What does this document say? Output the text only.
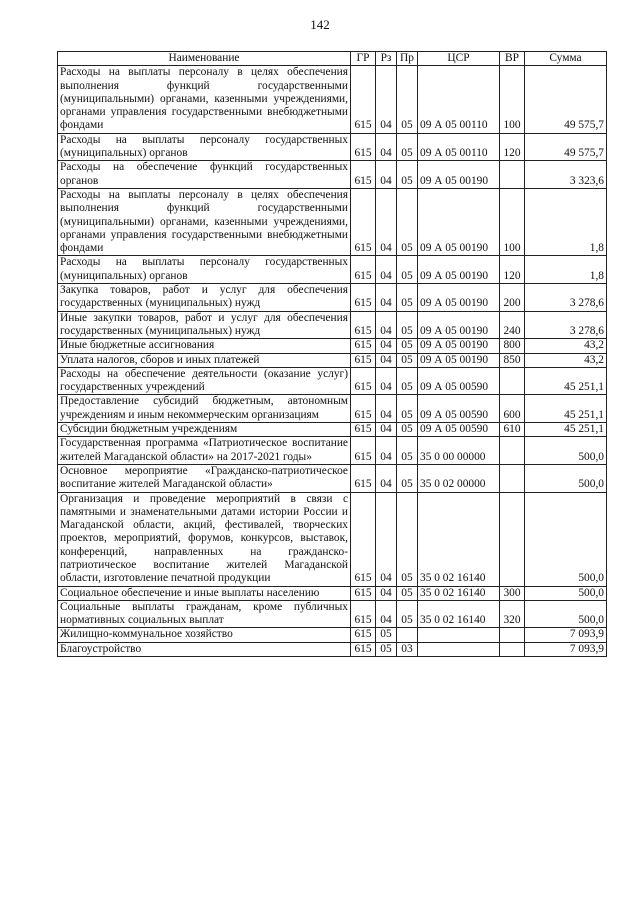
142
Наименование	ГР	Рз	Пр	ЦСР	ВР	Сумма
Расходы на выплаты персоналу в целях обеспечения выполнения функций государственными (муниципальными) органами, казенными учреждениями, органами управления государственными внебюджетными фондами	615	04	05	09 А 05 00110	100	49 575,7
Расходы на выплаты персоналу государственных (муниципальных) органов	615	04	05	09 А 05 00110	120	49 575,7
Расходы на обеспечение функций государственных органов	615	04	05	09 А 05 00190		3 323,6
Расходы на выплаты персоналу в целях обеспечения выполнения функций государственными (муниципальными) органами, казенными учреждениями, органами управления государственными внебюджетными фондами	615	04	05	09 А 05 00190	100	1,8
Расходы на выплаты персоналу государственных (муниципальных) органов	615	04	05	09 А 05 00190	120	1,8
Закупка товаров, работ и услуг для обеспечения государственных (муниципальных) нужд	615	04	05	09 А 05 00190	200	3 278,6
Иные закупки товаров, работ и услуг для обеспечения государственных (муниципальных) нужд	615	04	05	09 А 05 00190	240	3 278,6
Иные бюджетные ассигнования	615	04	05	09 А 05 00190	800	43,2
Уплата налогов, сборов и иных платежей	615	04	05	09 А 05 00190	850	43,2
Расходы на обеспечение деятельности (оказание услуг) государственных учреждений	615	04	05	09 А 05 00590		45 251,1
Предоставление субсидий бюджетным, автономным учреждениям и иным некоммерческим организациям	615	04	05	09 А 05 00590	600	45 251,1
Субсидии бюджетным учреждениям	615	04	05	09 А 05 00590	610	45 251,1
Государственная программа «Патриотическое воспитание жителей Магаданской области» на 2017-2021 годы»	615	04	05	35 0 00 00000		500,0
Основное мероприятие «Гражданско-патриотическое воспитание жителей Магаданской области»	615	04	05	35 0 02 00000		500,0
Организация и проведение мероприятий в связи с памятными и знаменательными датами истории России и Магаданской области, акций, фестивалей, творческих проектов, мероприятий, форумов, конкурсов, выставок, конференций, направленных на гражданско-патриотическое воспитание жителей Магаданской области, изготовление печатной продукции	615	04	05	35 0 02 16140		500,0
Социальное обеспечение и иные выплаты населению	615	04	05	35 0 02 16140	300	500,0
Социальные выплаты гражданам, кроме публичных нормативных социальных выплат	615	04	05	35 0 02 16140	320	500,0
Жилищно-коммунальное хозяйство	615	05				7 093,9
Благоустройство	615	05	03			7 093,9
